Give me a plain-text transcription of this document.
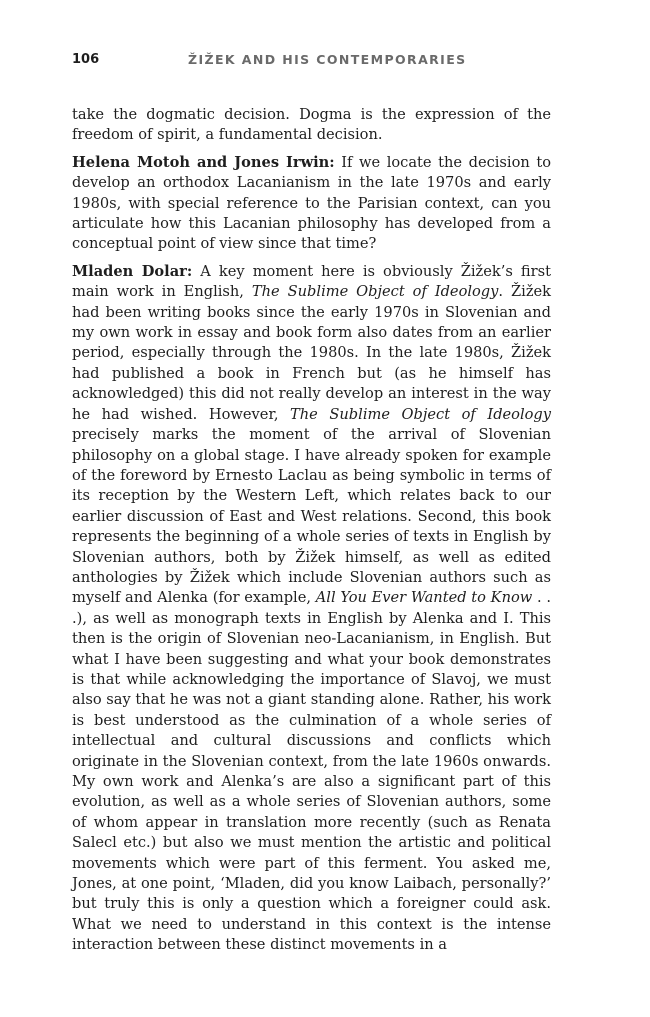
106	ŽIŽEK AND HIS CONTEMPORARIES

take the dogmatic decision. Dogma is the expression of the freedom of spirit, a fundamental decision.

Helena Motoh and Jones Irwin: If we locate the decision to develop an orthodox Lacanianism in the late 1970s and early 1980s, with special reference to the Parisian context, can you articulate how this Lacanian philosophy has developed from a conceptual point of view since that time?

Mladen Dolar: A key moment here is obviously Žižek’s first main work in English, The Sublime Object of Ideology. Žižek had been writing books since the early 1970s in Slovenian and my own work in essay and book form also dates from an earlier period, especially through the 1980s. In the late 1980s, Žižek had published a book in French but (as he himself has acknowledged) this did not really develop an interest in the way he had wished. However, The Sublime Object of Ideology precisely marks the moment of the arrival of Slovenian philosophy on a global stage. I have already spoken for example of the foreword by Ernesto Laclau as being symbolic in terms of its reception by the Western Left, which relates back to our earlier discussion of East and West relations. Second, this book represents the beginning of a whole series of texts in English by Slovenian authors, both by Žižek himself, as well as edited anthologies by Žižek which include Slovenian authors such as myself and Alenka (for example, All You Ever Wanted to Know . . .), as well as monograph texts in English by Alenka and I. This then is the origin of Slovenian neo-Lacanianism, in English. But what I have been suggesting and what your book demonstrates is that while acknowledging the importance of Slavoj, we must also say that he was not a giant standing alone. Rather, his work is best understood as the culmination of a whole series of intellectual and cultural discussions and conflicts which originate in the Slovenian context, from the late 1960s onwards. My own work and Alenka’s are also a significant part of this evolution, as well as a whole series of Slovenian authors, some of whom appear in translation more recently (such as Renata Salecl etc.) but also we must mention the artistic and political movements which were part of this ferment. You asked me, Jones, at one point, ‘Mladen, did you know Laibach, personally?’ but truly this is only a question which a foreigner could ask. What we need to understand in this context is the intense interaction between these distinct movements in a
